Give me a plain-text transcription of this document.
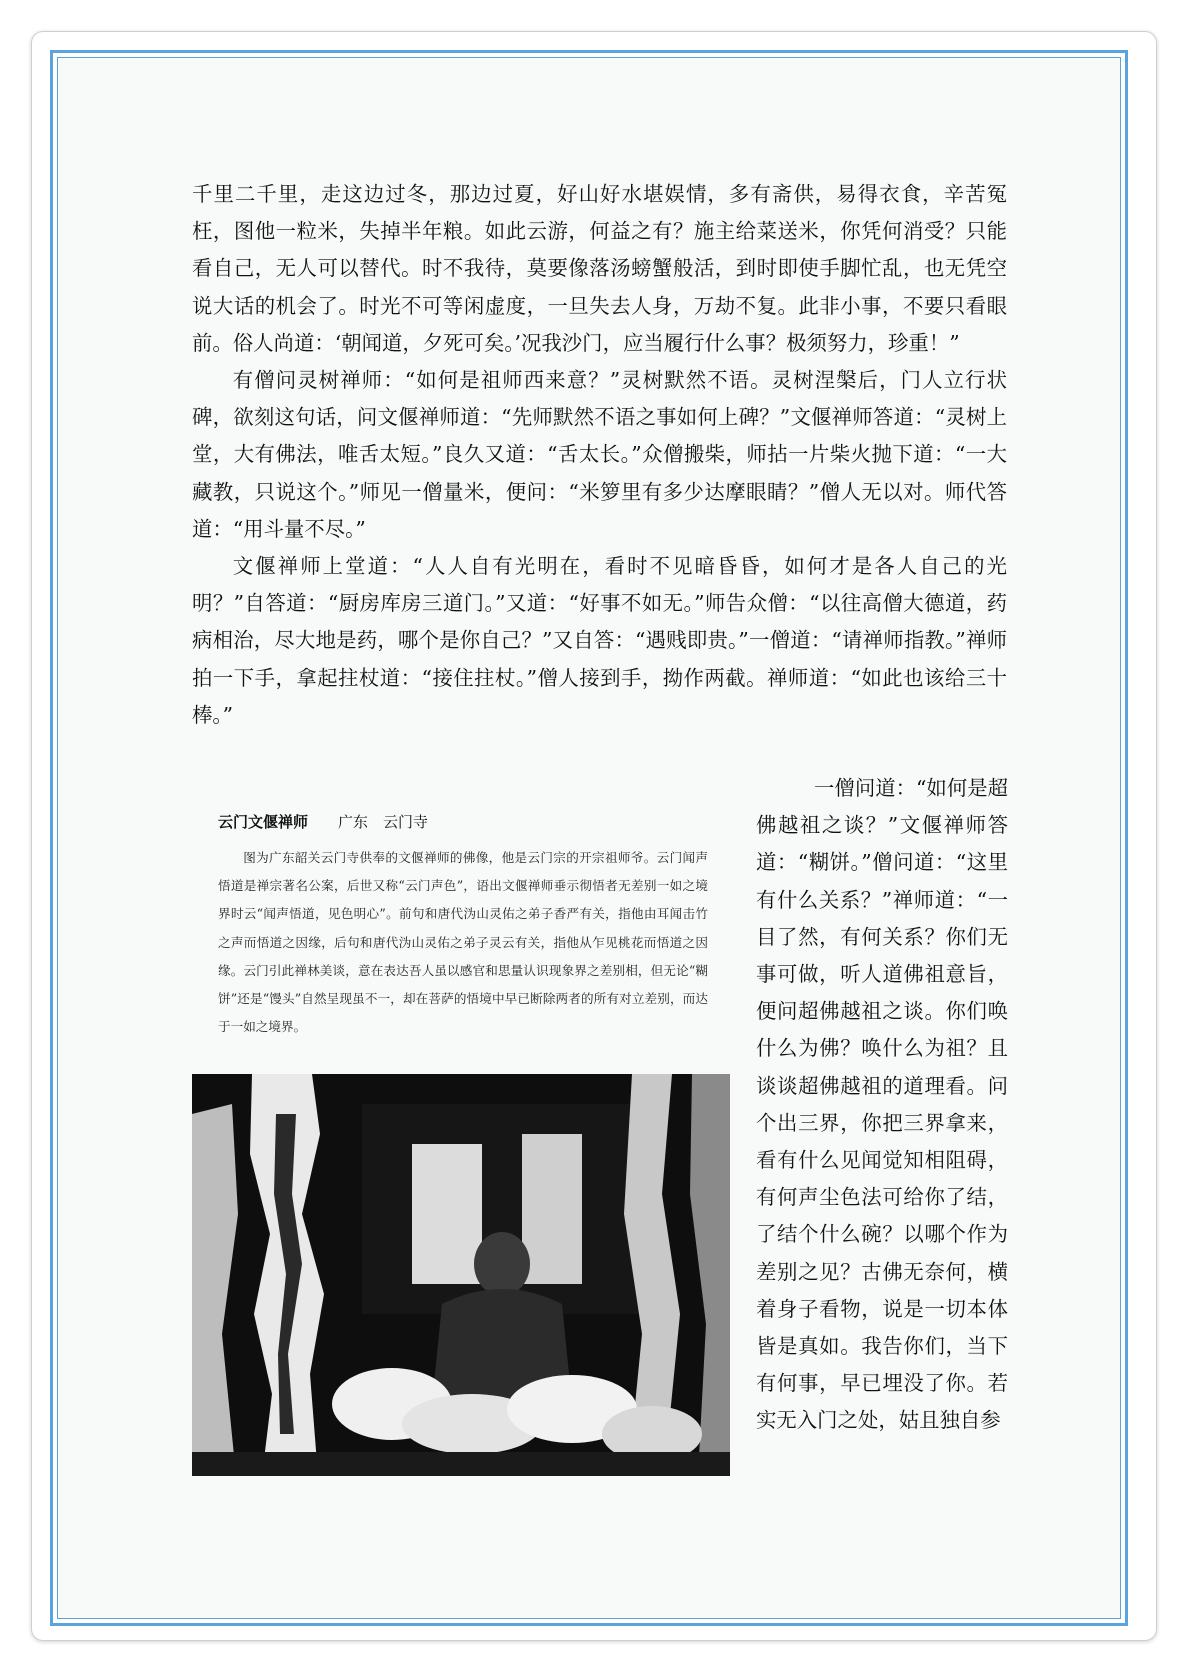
千里二千里，走这边过冬，那边过夏，好山好水堪娱情，多有斋供，易得衣食，辛苦冤枉，图他一粒米，失掉半年粮。如此云游，何益之有？施主给菜送米，你凭何消受？只能看自己，无人可以替代。时不我待，莫要像落汤螃蟹般活，到时即使手脚忙乱，也无凭空说大话的机会了。时光不可等闲虚度，一旦失去人身，万劫不复。此非小事，不要只看眼前。俗人尚道：‘朝闻道，夕死可矣。’况我沙门，应当履行什么事？极须努力，珍重！”

有僧问灵树禅师：“如何是祖师西来意？”灵树默然不语。灵树涅槃后，门人立行状碑，欲刻这句话，问文偃禅师道：“先师默然不语之事如何上碑？”文偃禅师答道：“灵树上堂，大有佛法，唯舌太短。”良久又道：“舌太长。”众僧搬柴，师拈一片柴火抛下道：“一大藏教，只说这个。”师见一僧量米，便问：“米箩里有多少达摩眼睛？”僧人无以对。师代答道：“用斗量不尽。”

文偃禅师上堂道：“人人自有光明在，看时不见暗昏昏，如何才是各人自己的光明？”自答道：“厨房库房三道门。”又道：“好事不如无。”师告众僧：“以往高僧大德道，药病相治，尽大地是药，哪个是你自己？”又自答：“遇贱即贵。”一僧道：“请禅师指教。”禅师拍一下手，拿起拄杖道：“接住拄杖。”僧人接到手，拗作两截。禅师道：“如此也该给三十棒。”

云门文偃禅师 广东　云门寺

图为广东韶关云门寺供奉的文偃禅师的佛像，他是云门宗的开宗祖师爷。云门闻声悟道是禅宗著名公案，后世又称“云门声色”，语出文偃禅师垂示彻悟者无差别一如之境界时云“闻声悟道，见色明心”。前句和唐代沩山灵佑之弟子香严有关，指他由耳闻击竹之声而悟道之因缘，后句和唐代沩山灵佑之弟子灵云有关，指他从乍见桃花而悟道之因缘。云门引此禅林美谈，意在表达吾人虽以感官和思量认识现象界之差别相，但无论“糊饼”还是“馒头”自然呈现虽不一，却在菩萨的悟境中早已断除两者的所有对立差别，而达于一如之境界。

一僧问道：“如何是超

佛越祖之谈？”文偃禅师答道：“糊饼。”僧问道：“这里有什么关系？”禅师道：“一目了然，有何关系？你们无事可做，听人道佛祖意旨，便问超佛越祖之谈。你们唤什么为佛？唤什么为祖？且谈谈超佛越祖的道理看。问个出三界，你把三界拿来，看有什么见闻觉知相阻碍，有何声尘色法可给你了结，了结个什么碗？以哪个作为差别之见？古佛无奈何，横着身子看物，说是一切本体皆是真如。我告你们，当下有何事，早已埋没了你。若实无入门之处，姑且独自参
